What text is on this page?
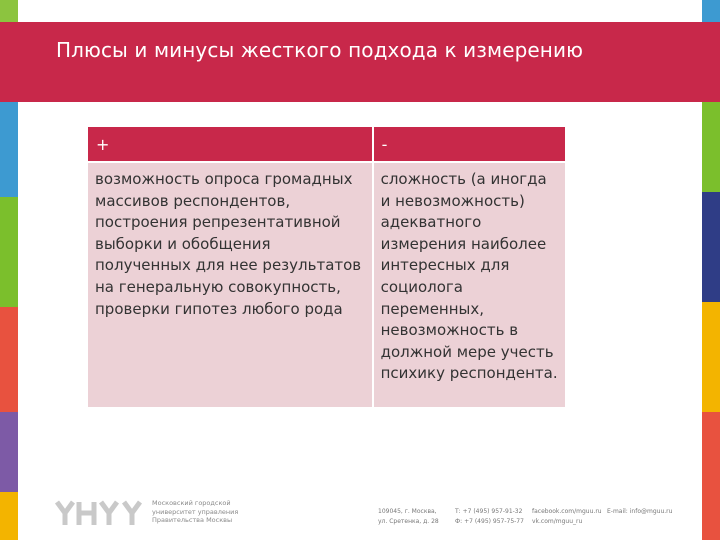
Плюсы и минусы жесткого подхода к измерению
+	-
возможность опроса громадных массивов респондентов, построения репрезентативной выборки и обобщения полученных для нее результатов на генеральную совокупность, проверки гипотез любого рода	сложность (а иногда и невозможность) адекватного измерения наиболее интересных для социолога переменных, невозможность в должной мере учесть психику респондента.
Московский городской
университет управления
Правительства Москвы
109045, г. Москва,
ул. Сретенка, д. 28
Т: +7 (495) 957-91-32
Ф: +7 (495) 957-75-77
facebook.com/mguu.ru
vk.com/mguu_ru
E-mail: info@mguu.ru
